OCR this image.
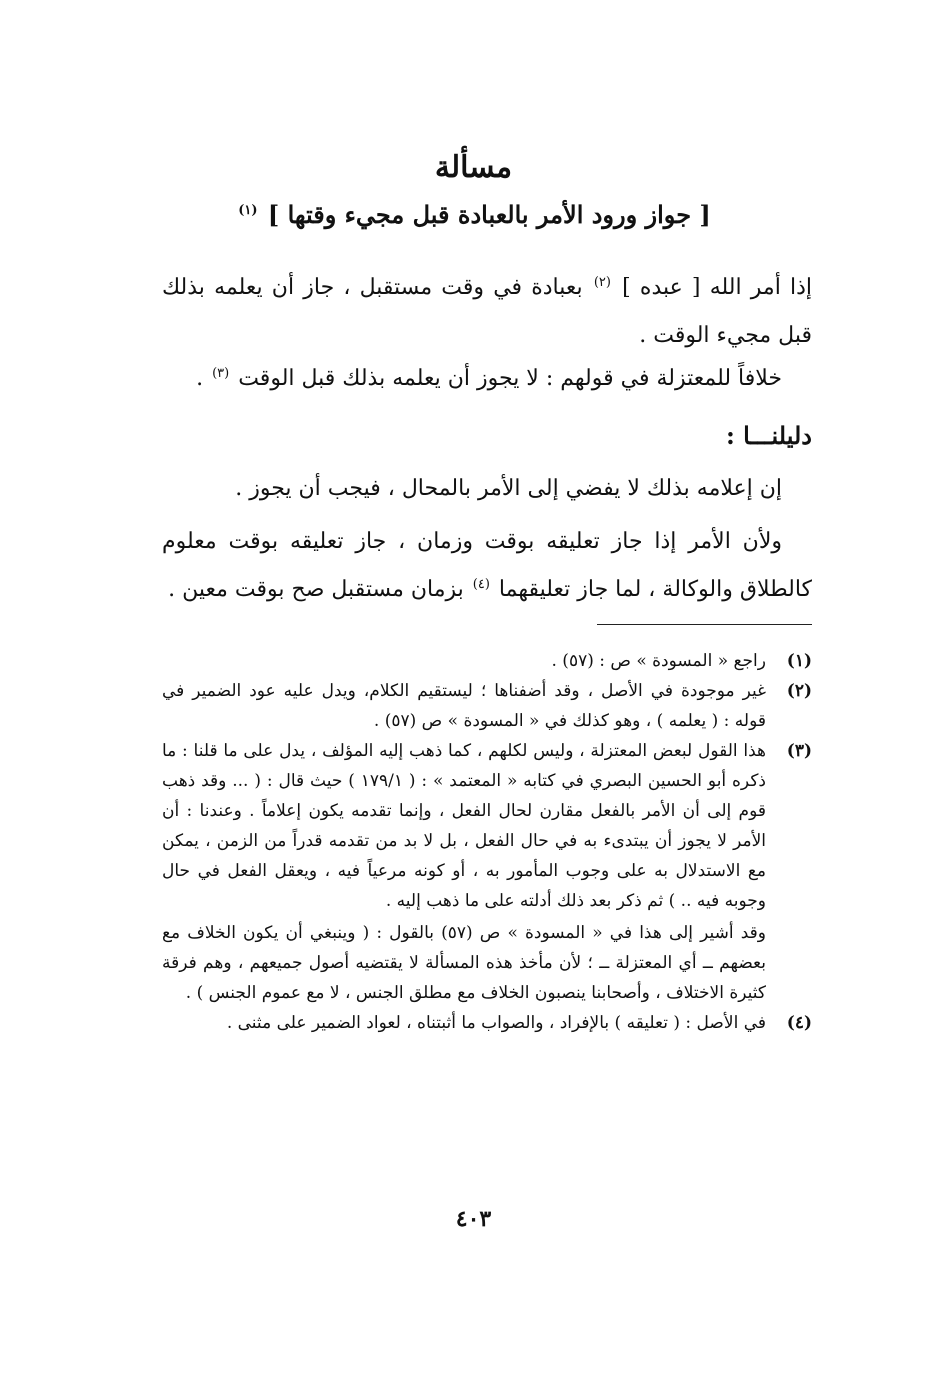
مسألة
[ جواز ورود الأمر بالعبادة قبل مجيء وقتها ] $^{(١)}$
إذا أمر الله [ عبده ] $^{(٢)}$ بعبادة في وقت مستقبل ، جاز أن يعلمه بذلك قبل مجيء الوقت .
خلافاً للمعتزلة في قولهم : لا يجوز أن يعلمه بذلك قبل الوقت $^{(٣)}$ .
دليلنـــا :
إن إعلامه بذلك لا يفضي إلى الأمر بالمحال ، فيجب أن يجوز .
ولأن الأمر إذا جاز تعليقه بوقت وزمان ، جاز تعليقه بوقت معلوم كالطلاق والوكالة ، لما جاز تعليقهما $^{(٤)}$ بزمان مستقبل صح بوقت معين .
(١)
راجع « المسودة » ص : (٥٧) .
(٢)
غير موجودة في الأصل ، وقد أضفناها ؛ ليستقيم الكلام، ويدل عليه عود الضمير في قوله : ( يعلمه ) ، وهو كذلك في « المسودة » ص (٥٧) .
(٣)
هذا القول لبعض المعتزلة ، وليس لكلهم ، كما ذهب إليه المؤلف ، يدل على ما قلنا : ما ذكره أبو الحسين البصري في كتابه « المعتمد » : ( ١٧٩/١ ) حيث قال : ( ... وقد ذهب قوم إلى أن الأمر بالفعل مقارن لحال الفعل ، وإنما تقدمه يكون إعلاماً . وعندنا : أن الأمر لا يجوز أن يبتدىء به في حال الفعل ، بل لا بد من تقدمه قدراً من الزمن ، يمكن مع الاستدلال به على وجوب المأمور به ، أو كونه مرعياً فيه ، ويعقل الفعل في حال وجوبه فيه .. ) ثم ذكر بعد ذلك أدلته على ما ذهب إليه .
وقد أشير إلى هذا في « المسودة » ص (٥٧) بالقول : ( وينبغي أن يكون الخلاف مع بعضهم ــ أي المعتزلة ــ ؛ لأن مأخذ هذه المسألة لا يقتضيه أصول جميعهم ، وهم فرقة كثيرة الاختلاف ، وأصحابنا ينصبون الخلاف مع مطلق الجنس ، لا مع عموم الجنس ) .
(٤)
في الأصل : ( تعليقه ) بالإفراد ، والصواب ما أثبتناه ، لعواد الضمير على مثنى .
٤٠٣
